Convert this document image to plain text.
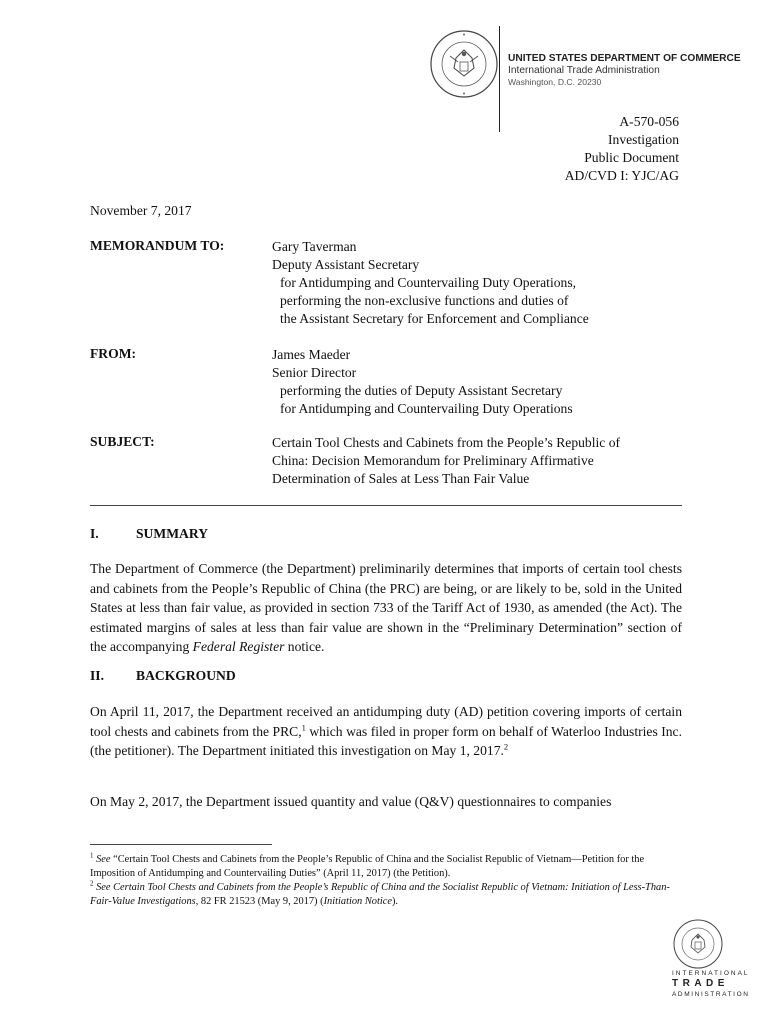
UNITED STATES DEPARTMENT OF COMMERCE
International Trade Administration
Washington, D.C. 20230
A-570-056
Investigation
Public Document
AD/CVD I: YJC/AG
November 7, 2017
MEMORANDUM TO:	Gary Taverman
Deputy Assistant Secretary
for Antidumping and Countervailing Duty Operations,
performing the non-exclusive functions and duties of
the Assistant Secretary for Enforcement and Compliance
FROM:	James Maeder
Senior Director
performing the duties of Deputy Assistant Secretary
for Antidumping and Countervailing Duty Operations
SUBJECT:	Certain Tool Chests and Cabinets from the People’s Republic of
China: Decision Memorandum for Preliminary Affirmative
Determination of Sales at Less Than Fair Value
I.	SUMMARY

The Department of Commerce (the Department) preliminarily determines that imports of certain tool chests and cabinets from the People’s Republic of China (the PRC) are being, or are likely to be, sold in the United States at less than fair value, as provided in section 733 of the Tariff Act of 1930, as amended (the Act). The estimated margins of sales at less than fair value are shown in the “Preliminary Determination” section of the accompanying Federal Register notice.

II. BACKGROUND

On April 11, 2017, the Department received an antidumping duty (AD) petition covering imports of certain tool chests and cabinets from the PRC,$^1$ which was filed in proper form on behalf of Waterloo Industries Inc. (the petitioner). The Department initiated this investigation on May 1, 2017.$^2$

On May 2, 2017, the Department issued quantity and value (Q&V) questionnaires to companies

$^1$ See “Certain Tool Chests and Cabinets from the People’s Republic of China and the Socialist Republic of Vietnam—Petition for the Imposition of Antidumping and Countervailing Duties” (April 11, 2017) (the Petition).

$^2$ See Certain Tool Chests and Cabinets from the People’s Republic of China and the Socialist Republic of Vietnam: Initiation of Less-Than-Fair-Value Investigations, 82 FR 21523 (May 9, 2017) (Initiation Notice).

INTERNATIONAL
TRADE
ADMINISTRATION
